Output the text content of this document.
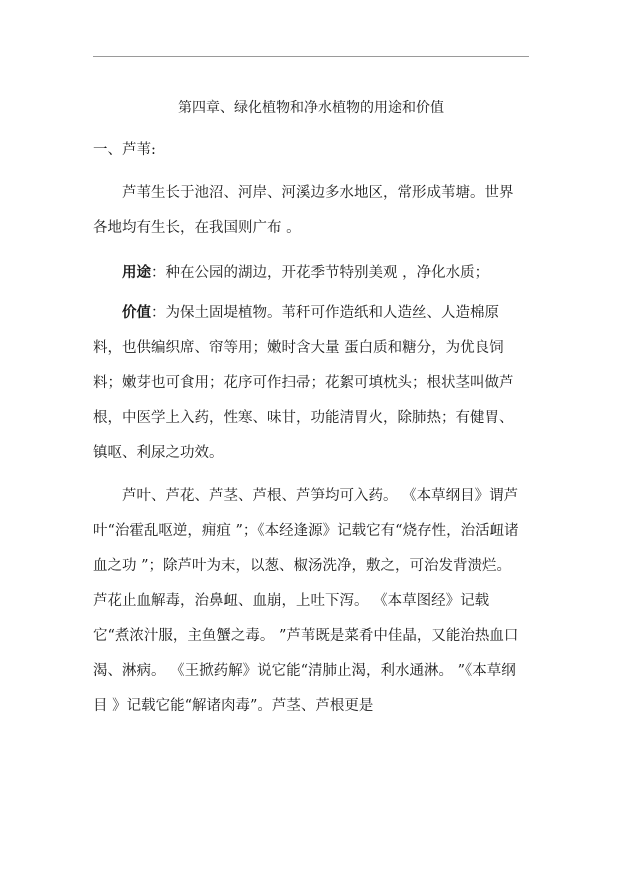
第四章、绿化植物和净水植物的用途和价值
一、芦苇:

芦苇生长于池沼、河岸、河溪边多水地区，常形成苇塘。世界各地均有生长，在我国则广布 。

用途：种在公园的湖边，开花季节特别美观 ，净化水质；

价值：为保土固堤植物。苇秆可作造纸和人造丝、人造棉原料，也供编织席、帘等用；嫩时含大量 蛋白质和糖分，为优良饲料；嫩芽也可食用；花序可作扫帚；花絮可填枕头；根状茎叫做芦根，中医学上入药，性寒、味甘，功能清胃火，除肺热；有健胃、镇呕、利尿之功效。

芦叶、芦花、芦茎、芦根、芦笋均可入药。 《本草纲目》谓芦叶“治霍乱呕逆，痈疽 ”；《本经逢源》记载它有“烧存性，治活衄诸血之功 ”；除芦叶为末，以葱、椒汤洗净，敷之，可治发背溃烂。芦花止血解毒，治鼻衄、血崩，上吐下泻。 《本草图经》记载它“煮浓汁服，主鱼蟹之毒。 ”芦苇既是菜肴中佳晶，又能治热血口渴、淋病。 《王掀药解》说它能“清肺止渴，利水通淋。 ”《本草纲目 》记载它能“解诸肉毒”。芦茎、芦根更是
